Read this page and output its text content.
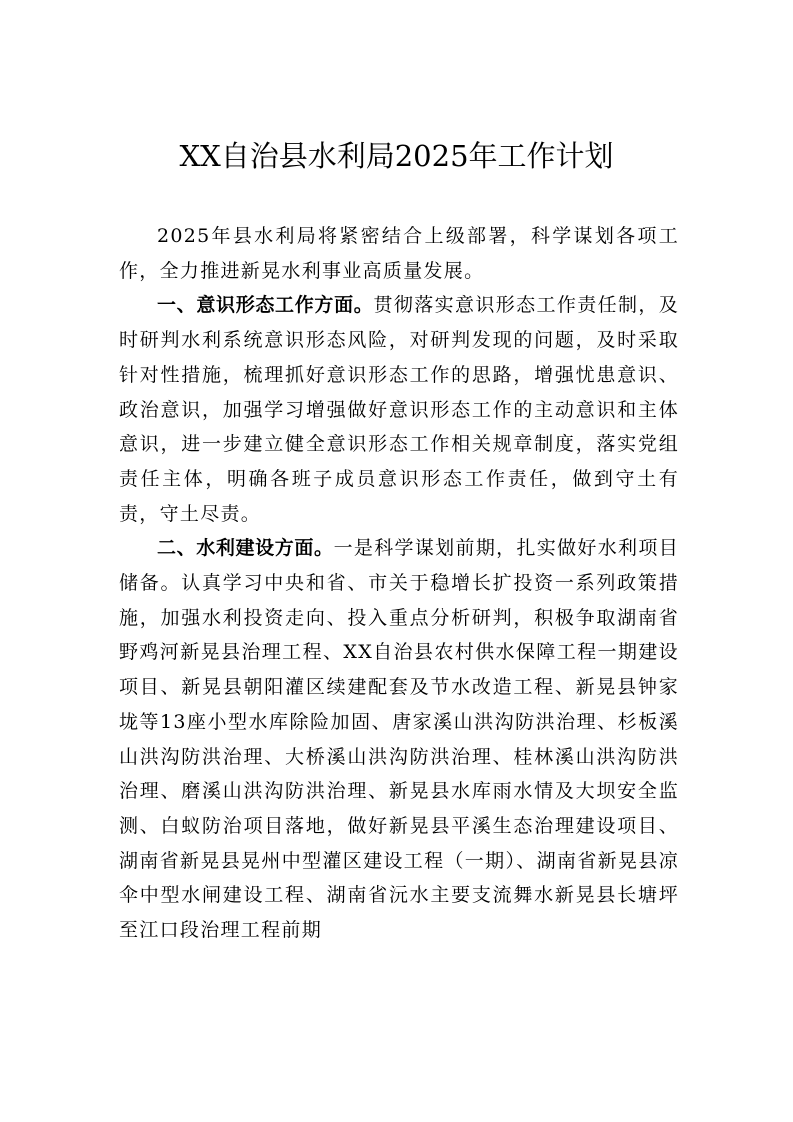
XX自治县水利局2025年工作计划

2025年县水利局将紧密结合上级部署，科学谋划各项工作，全力推进新晃水利事业高质量发展。

一、意识形态工作方面。贯彻落实意识形态工作责任制，及时研判水利系统意识形态风险，对研判发现的问题，及时采取针对性措施，梳理抓好意识形态工作的思路，增强忧患意识、政治意识，加强学习增强做好意识形态工作的主动意识和主体意识，进一步建立健全意识形态工作相关规章制度，落实党组责任主体，明确各班子成员意识形态工作责任，做到守土有责，守土尽责。

二、水利建设方面。一是科学谋划前期，扎实做好水利项目储备。认真学习中央和省、市关于稳增长扩投资一系列政策措施，加强水利投资走向、投入重点分析研判，积极争取湖南省野鸡河新晃县治理工程、XX自治县农村供水保障工程一期建设项目、新晃县朝阳灌区续建配套及节水改造工程、新晃县钟家垅等13座小型水库除险加固、唐家溪山洪沟防洪治理、杉板溪山洪沟防洪治理、大桥溪山洪沟防洪治理、桂林溪山洪沟防洪治理、磨溪山洪沟防洪治理、新晃县水库雨水情及大坝安全监测、白蚁防治项目落地，做好新晃县平溪生态治理建设项目、湖南省新晃县晃州中型灌区建设工程（一期）、湖南省新晃县凉伞中型水闸建设工程、湖南省沅水主要支流舞水新晃县长塘坪至江口段治理工程前期
